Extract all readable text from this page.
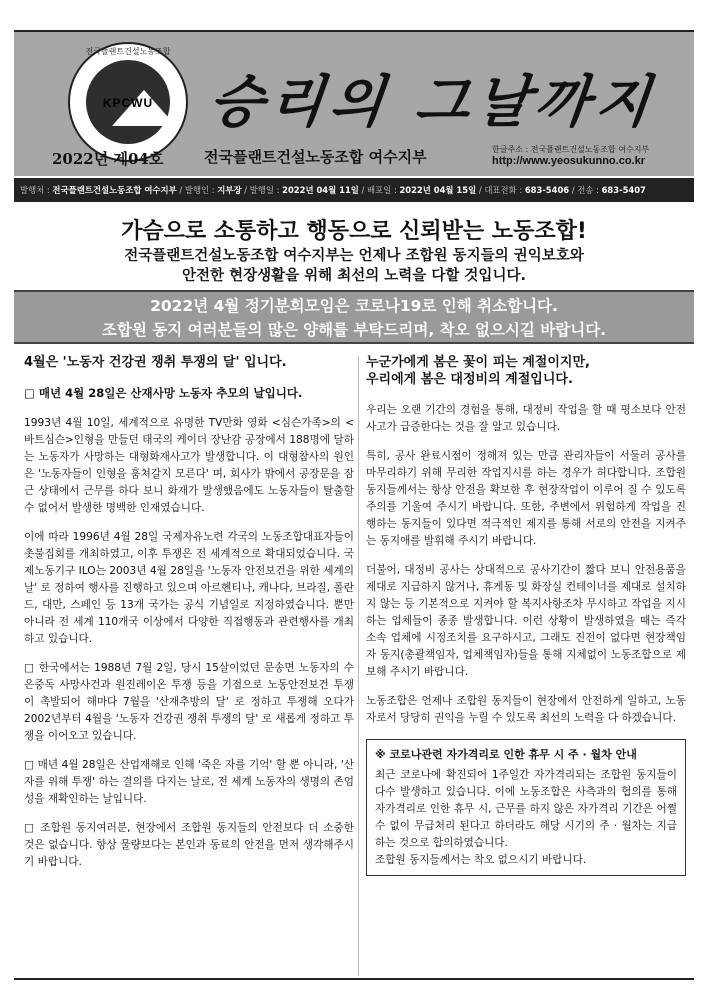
전국플랜트건설노동조합
KPCWU 승리의 그날까지
2022년 제04호	전국플랜트건설노동조합 여수지부	한글주소 : 전국플랜트건설노동조합 여수지부
http://www.yeosukunno.co.kr
발행처 : 전국플랜트건설노동조합 여수지부 / 발행인 : 지부장 / 발행일 : 2022년 04월 11일 / 배포일 : 2022년 04월 15일 / 대표전화 : 683-5406 / 전송 : 683-5407
가슴으로 소통하고 행동으로 신뢰받는 노동조합!
전국플랜트건설노동조합 여수지부는 언제나 조합원 동지들의 권익보호와
안전한 현장생활을 위해 최선의 노력을 다할 것입니다.
2022년 4월 정기분회모임은 코로나19로 인해 취소합니다.
조합원 동지 여러분들의 많은 양해를 부탁드리며, 착오 없으시길 바랍니다.
4월은 '노동자 건강권 쟁취 투쟁의 달' 입니다.
□ 매년 4월 28일은 산재사망 노동자 추모의 날입니다.

1993년 4월 10일, 세계적으로 유명한 TV만화 영화 <심슨가족>의 <바트심슨>인형을 만들던 태국의 케이더 장난감 공장에서 188명에 달하는 노동자가 사망하는 대형화재사고가 발생합니다. 이 대형참사의 원인은 '노동자들이 인형을 훔쳐갈지 모른다' 며, 회사가 밖에서 공장문을 잠근 상태에서 근무를 하다 보니 화재가 발생했음에도 노동자들이 탈출할 수 없어서 발생한 명백한 인재였습니다.

이에 따라 1996년 4월 28일 국제자유노련 각국의 노동조합대표자들이 촛불집회를 개최하였고, 이후 투쟁은 전 세계적으로 확대되었습니다. 국제노동기구 ILO는 2003년 4월 28일을 '노동자 안전보건을 위한 세계의 날' 로 정하여 행사를 진행하고 있으며 아르헨티나, 캐나다, 브라질, 폴란드, 대만, 스페인 등 13개 국가는 공식 기념일로 지정하였습니다. 뿐만 아니라 전 세계 110개국 이상에서 다양한 직접행동과 관련행사를 개최하고 있습니다.

□ 한국에서는 1988년 7월 2일, 당시 15살이었던 문송면 노동자의 수은중독 사망사건과 원진레이온 투쟁 등을 기점으로 노동안전보건 투쟁이 촉발되어 해마다 7월을 '산재추방의 달' 로 정하고 투쟁해 오다가 2002년부터 4월을 '노동자 건강권 쟁취 투쟁의 달' 로 새롭게 정하고 투쟁을 이어오고 있습니다.

□ 매년 4월 28일은 산업재해로 인해 '죽은 자를 기억' 할 뿐 아니라, '산자를 위해 투쟁' 하는 결의를 다지는 날로, 전 세계 노동자의 생명의 존엄성을 재확인하는 날입니다.

□ 조합원 동지여러분, 현장에서 조합원 동지들의 안전보다 더 소중한 것은 없습니다. 항상 물량보다는 본인과 동료의 안전을 먼저 생각해주시기 바랍니다.

누군가에게 봄은 꽃이 피는 계절이지만,
우리에게 봄은 대정비의 계절입니다.

우리는 오랜 기간의 경험을 통해, 대정비 작업을 할 때 평소보다 안전사고가 급증한다는 것을 잘 알고 있습니다.

특히, 공사 완료시점이 정해져 있는 만큼 관리자들이 서둘러 공사를 마무리하기 위해 무리한 작업지시를 하는 경우가 허다합니다. 조합원 동지들께서는 항상 안전을 확보한 후 현장작업이 이루어 질 수 있도록 주의를 기울여 주시기 바랍니다. 또한, 주변에서 위험하게 작업을 진행하는 동지들이 있다면 적극적인 제지를 통해 서로의 안전을 지켜주는 동지애를 발휘해 주시기 바랍니다.

더불어, 대정비 공사는 상대적으로 공사기간이 짧다 보니 안전용품을 제대로 지급하지 않거나, 휴게동 및 화장실 컨테이너를 제대로 설치하지 않는 등 기본적으로 지켜야 할 복지사항조차 무시하고 작업을 지시하는 업체들이 종종 발생합니다. 이런 상황이 발생하였을 때는 즉각 소속 업체에 시정조치를 요구하시고, 그래도 진전이 없다면 현장책임자 동지(총괄책임자, 업체책임자)들을 통해 지체없이 노동조합으로 제보해 주시기 바랍니다.

노동조합은 언제나 조합원 동지들이 현장에서 안전하게 일하고, 노동자로서 당당히 권익을 누릴 수 있도록 최선의 노력을 다 하겠습니다.

※ 코로나관련 자가격리로 인한 휴무 시 주 · 월차 안내

최근 코로나에 확진되어 1주일간 자가격리되는 조합원 동지들이 다수 발생하고 있습니다. 이에 노동조합은 사측과의 협의를 통해 자가격리로 인한 휴무 시, 근무를 하지 않은 자가격리 기간은 어쩔 수 없이 무급처리 된다고 하더라도 해당 시기의 주 · 월차는 지급하는 것으로 합의하였습니다.

조합원 동지들께서는 착오 없으시기 바랍니다.
